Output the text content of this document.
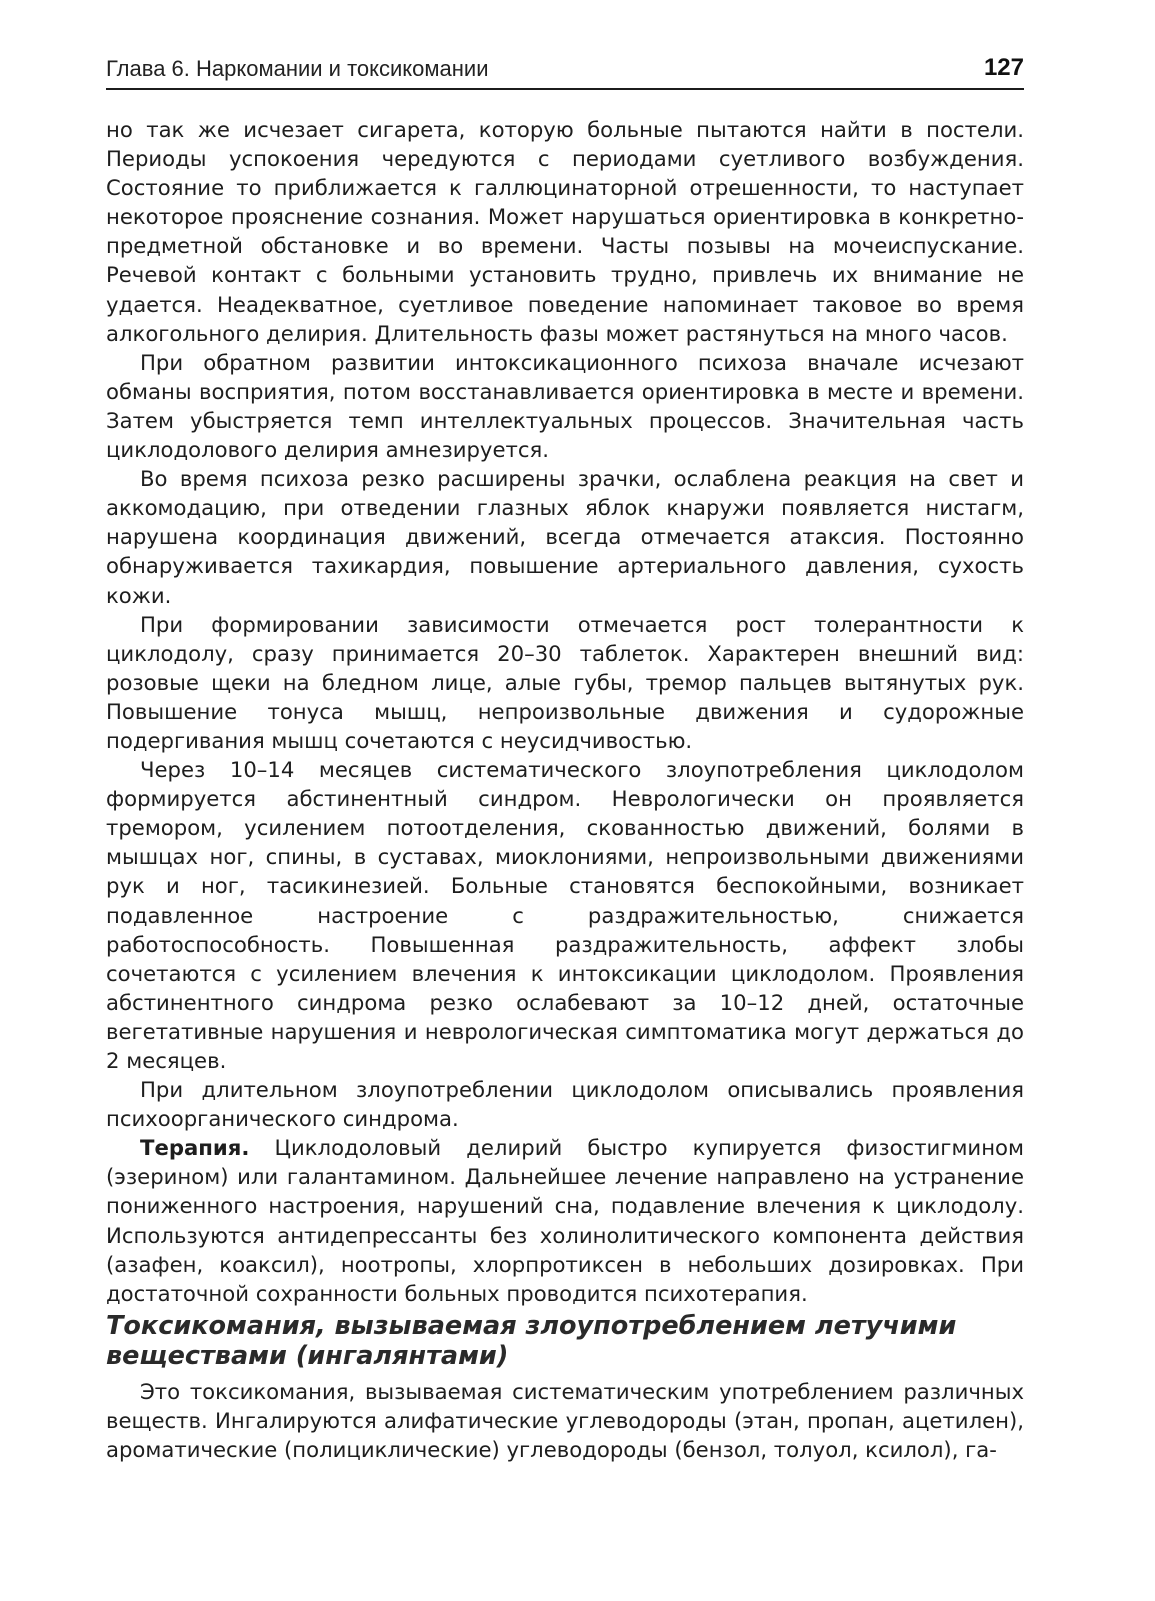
Глава 6. Наркомании и токсикомании	127

но так же исчезает сигарета, которую больные пытаются найти в постели. Периоды успокоения чередуются с периодами суетливого возбуждения. Состояние то приближается к галлюцинаторной отрешенности, то наступает некоторое прояснение сознания. Может нарушаться ориентировка в конкретно-предметной обстановке и во времени. Часты позывы на мочеиспускание. Речевой контакт с больными установить трудно, привлечь их внимание не удается. Неадекватное, суетливое поведение напоминает таковое во время алкогольного делирия. Длительность фазы может растянуться на много часов.

При обратном развитии интоксикационного психоза вначале исчезают обманы восприятия, потом восстанавливается ориентировка в месте и времени. Затем убыстряется темп интеллектуальных процессов. Значительная часть циклодолового делирия амнезируется.

Во время психоза резко расширены зрачки, ослаблена реакция на свет и аккомодацию, при отведении глазных яблок кнаружи появляется нистагм, нарушена координация движений, всегда отмечается атаксия. Постоянно обнаруживается тахикардия, повышение артериального давления, сухость кожи.

При формировании зависимости отмечается рост толерантности к циклодолу, сразу принимается 20–30 таблеток. Характерен внешний вид: розовые щеки на бледном лице, алые губы, тремор пальцев вытянутых рук. Повышение тонуса мышц, непроизвольные движения и судорожные подергивания мышц сочетаются с неусидчивостью.

Через 10–14 месяцев систематического злоупотребления циклодолом формируется абстинентный синдром. Неврологически он проявляется тремором, усилением потоотделения, скованностью движений, болями в мышцах ног, спины, в суставах, миоклониями, непроизвольными движениями рук и ног, тасикинезией. Больные становятся беспокойными, возникает подавленное настроение с раздражительностью, снижается работоспособность. Повышенная раздражительность, аффект злобы сочетаются с усилением влечения к интоксикации циклодолом. Проявления абстинентного синдрома резко ослабевают за 10–12 дней, остаточные вегетативные нарушения и неврологическая симптоматика могут держаться до 2 месяцев.

При длительном злоупотреблении циклодолом описывались проявления психоорганического синдрома.

Терапия. Циклодоловый делирий быстро купируется физостигмином (эзерином) или галантамином. Дальнейшее лечение направлено на устранение пониженного настроения, нарушений сна, подавление влечения к циклодолу. Используются антидепрессанты без холинолитического компонента действия (азафен, коаксил), ноотропы, хлорпротиксен в небольших дозировках. При достаточной сохранности больных проводится психотерапия.

Токсикомания, вызываемая злоупотреблением летучими веществами (ингалянтами)

Это токсикомания, вызываемая систематическим употреблением различных веществ. Ингалируются алифатические углеводороды (этан, пропан, ацетилен), ароматические (полициклические) углеводороды (бензол, толуол, ксилол), га-
